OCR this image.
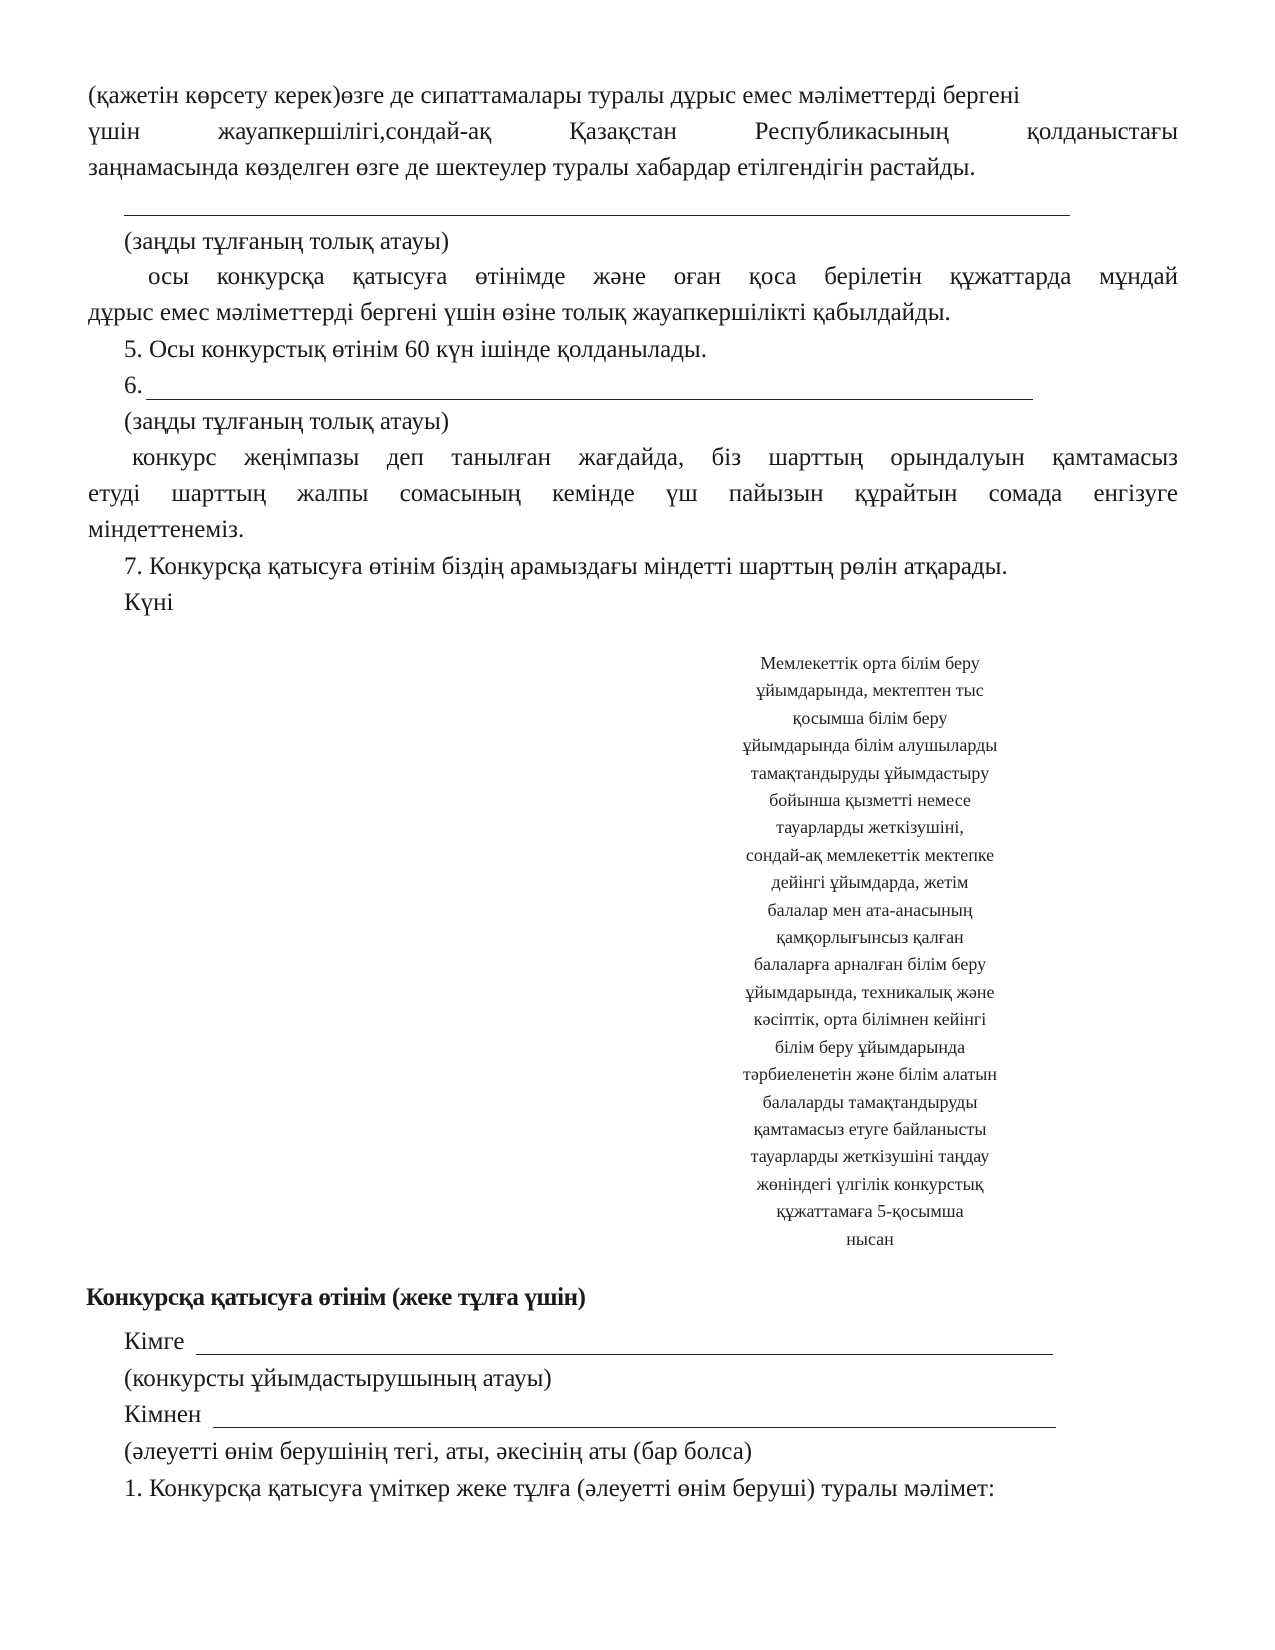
(қажетін көрсету керек)өзге де сипаттамалары туралы дұрыс емес мәліметтерді бергені
үшін жауапкершілігі,сондай-ақ Қазақстан Республикасының қолданыстағы
заңнамасында көзделген өзге де шектеулер туралы хабардар етілгендігін растайды.
(заңды тұлғаның толық атауы)
осы конкурсқа қатысуға өтінімде және оған қоса берілетін құжаттарда мұндай
дұрыс емес мәліметтерді бергені үшін өзіне толық жауапкершілікті қабылдайды.
5. Осы конкурстық өтінім 60 күн ішінде қолданылады.
6.
(заңды тұлғаның толық атауы)
конкурс жеңімпазы деп танылған жағдайда, біз шарттың орындалуын қамтамасыз
етуді шарттың жалпы сомасының кемінде үш пайызын құрайтын сомада енгізуге
міндеттенеміз.
7. Конкурсқа қатысуға өтінім біздің арамыздағы міндетті шарттың рөлін атқарады.
Күні
Мемлекеттік орта білім беру
ұйымдарында, мектептен тыс
қосымша білім беру
ұйымдарында білім алушыларды
тамақтандыруды ұйымдастыру
бойынша қызметті немесе
тауарларды жеткізушіні,
сондай-ақ мемлекеттік мектепке
дейінгі ұйымдарда, жетім
балалар мен ата-анасының
қамқорлығынсыз қалған
балаларға арналған білім беру
ұйымдарында, техникалық және
кәсіптік, орта білімнен кейінгі
білім беру ұйымдарында
тәрбиеленетін және білім алатын
балаларды тамақтандыруды
қамтамасыз етуге байланысты
тауарларды жеткізушіні таңдау
жөніндегі үлгілік конкурстық
құжаттамаға 5-қосымша
нысан
Конкурсқа қатысуға өтінім (жеке тұлға үшін)
Кімге
(конкурсты ұйымдастырушының атауы)
Кімнен
(әлеуетті өнім берушінің тегі, аты, әкесінің аты (бар болса)
1. Конкурсқа қатысуға үміткер жеке тұлға (әлеуетті өнім беруші) туралы мәлімет:
